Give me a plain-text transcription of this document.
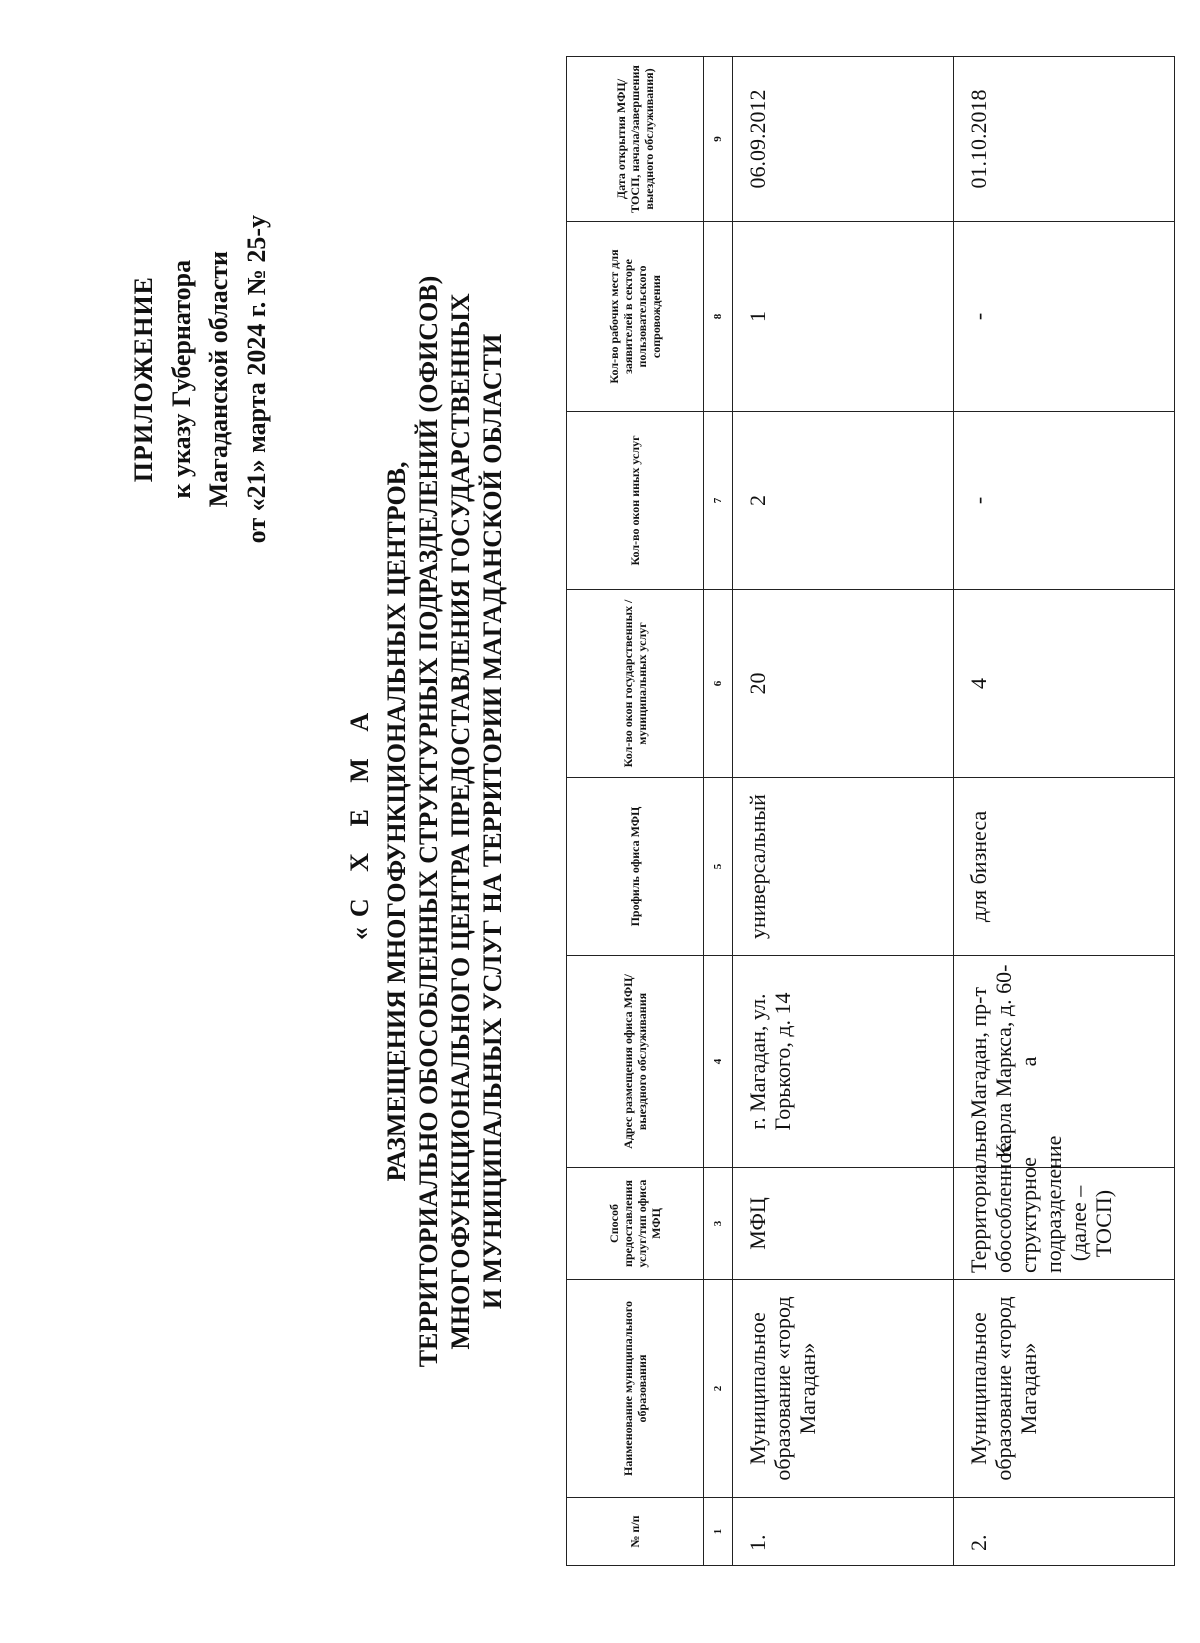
ПРИЛОЖЕНИЕ к указу Губернатора Магаданской области от «21» марта 2024 г. № 25-у
«С Х Е М А РАЗМЕЩЕНИЯ МНОГОФУНКЦИОНАЛЬНЫХ ЦЕНТРОВ, ТЕРРИТОРИАЛЬНО ОБОСОБЛЕННЫХ СТРУКТУРНЫХ ПОДРАЗДЕЛЕНИЙ (ОФИСОВ) МНОГОФУНКЦИОНАЛЬНОГО ЦЕНТРА ПРЕДОСТАВЛЕНИЯ ГОСУДАРСТВЕННЫХ И МУНИЦИПАЛЬНЫХ УСЛУГ НА ТЕРРИТОРИИ МАГАДАНСКОЙ ОБЛАСТИ
№ п/п	Наименование муниципального образования	Способ предоставления услуг/тип офиса МФЦ	Адрес размещения офиса МФЦ/выездного обслуживания	Профиль офиса МФЦ	Кол-во окон государственных / муниципальных услуг	Кол-во окон иных услуг	Кол-во рабочих мест для заявителей в секторе пользовательского сопровождения	Дата открытия МФЦ/ТОСП, начала/завершения выездного обслуживания)
1	2	3	4	5	6	7	8	9
1.	Муниципальное образование «город Магадан»	МФЦ	г. Магадан, ул. Горького, д. 14	универсальный	20	2	1	06.09.2012
2.	Муниципальное образование «город Магадан»	Территориально обособленное структурное подразделение (далее – ТОСП)	г. Магадан, пр-т Карла Маркса, д. 60-а	для бизнеса	4	-	-	01.10.2018
